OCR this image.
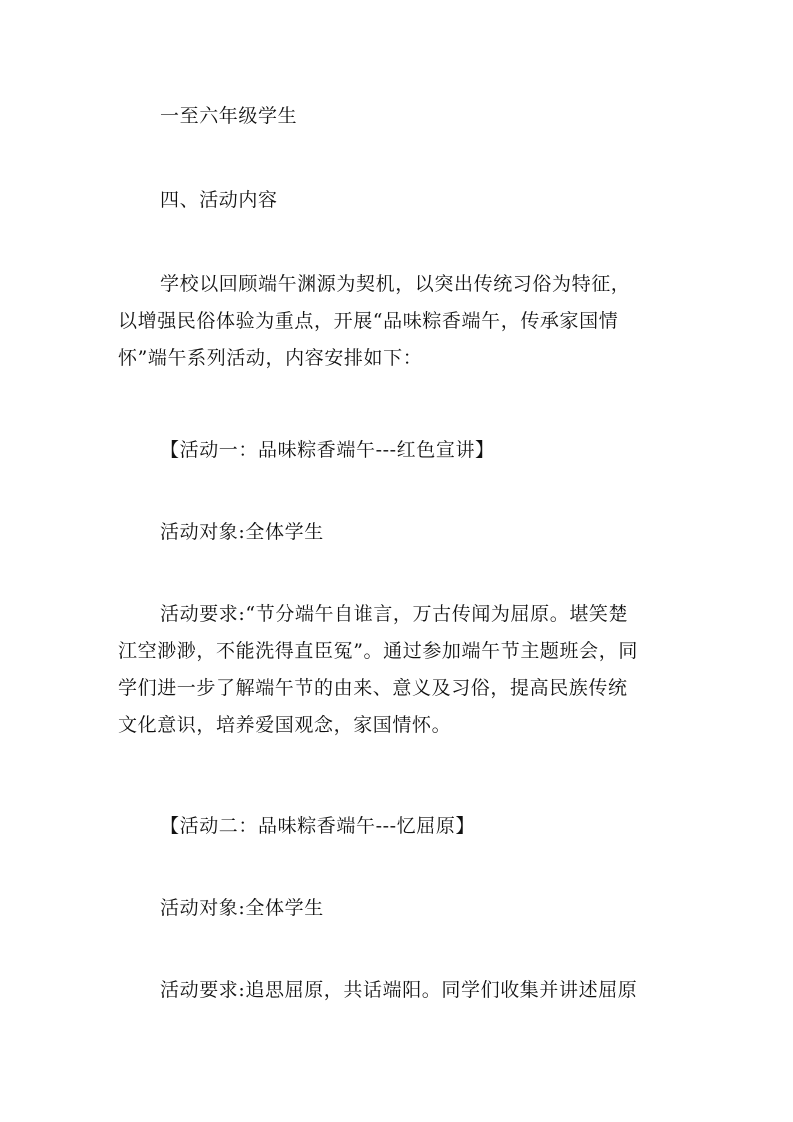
一至六年级学生

四、活动内容

学校以回顾端午渊源为契机，以突出传统习俗为特征，
以增强民俗体验为重点，开展“品味粽香端午，传承家国情
怀”端午系列活动，内容安排如下：

【活动一：品味粽香端午---红色宣讲】

活动对象:全体学生

活动要求:“节分端午自谁言，万古传闻为屈原。堪笑楚
江空渺渺，不能洗得直臣冤”。通过参加端午节主题班会，同
学们进一步了解端午节的由来、意义及习俗，提高民族传统
文化意识，培养爱国观念，家国情怀。

【活动二：品味粽香端午---忆屈原】

活动对象:全体学生

活动要求:追思屈原，共话端阳。同学们收集并讲述屈原
